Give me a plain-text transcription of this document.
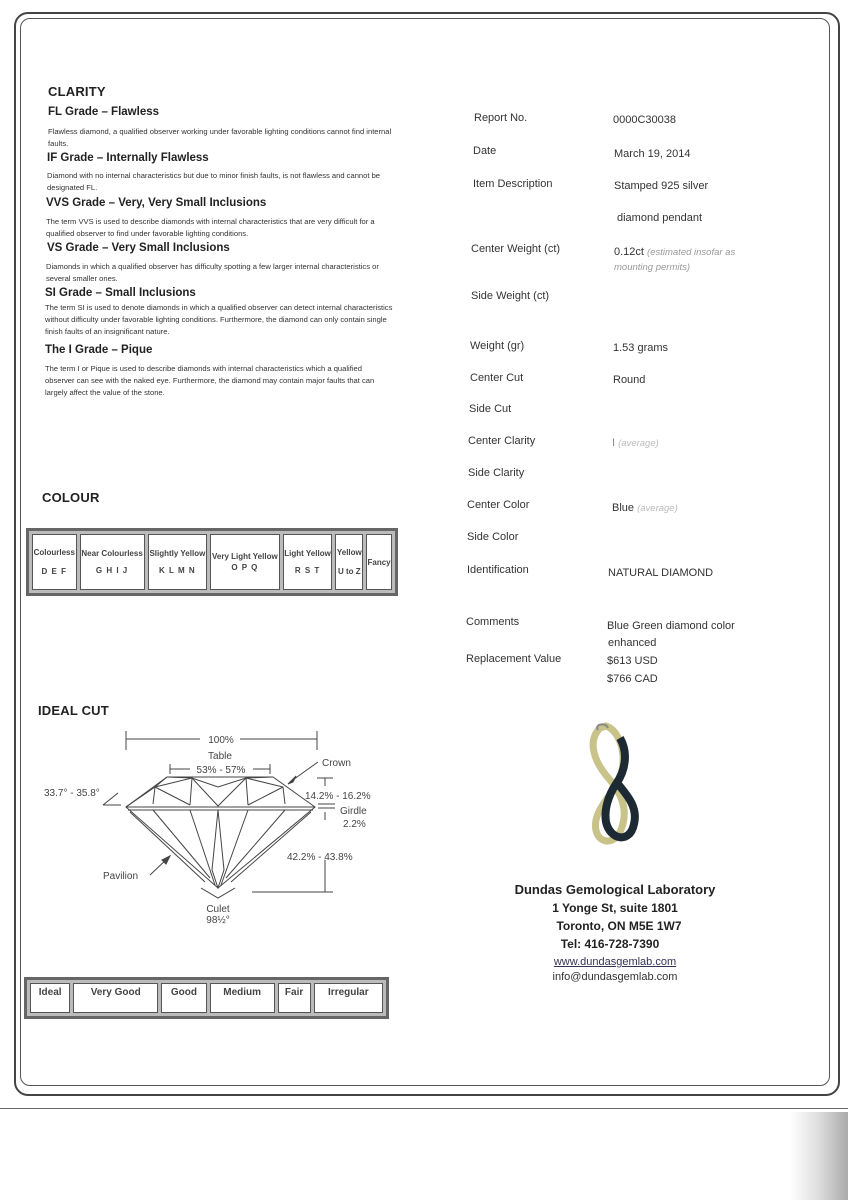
CLARITY
FL Grade – Flawless
Flawless diamond, a qualified observer working under favorable lighting conditions cannot find internal faults.
IF Grade – Internally Flawless
Diamond with no internal characteristics but due to minor finish faults, is not flawless and cannot be designated FL.
VVS Grade – Very, Very Small Inclusions
The term VVS is used to describe diamonds with internal characteristics that are very difficult for a qualified observer to find under favorable lighting conditions.
VS Grade – Very Small Inclusions
Diamonds in which a qualified observer has difficulty spotting a few larger internal characteristics or several smaller ones.
SI Grade – Small Inclusions
The term SI is used to denote diamonds in which a qualified observer can detect internal characteristics without difficulty under favorable lighting conditions. Furthermore, the diamond can only contain single finish faults of an insignificant nature.
The I Grade – Pique
The term I or Pique is used to describe diamonds with internal characteristics which a qualified observer can see with the naked eye. Furthermore, the diamond may contain major faults that can largely affect the value of the stone.
COLOUR
Colourless
D E F

Near Colourless
G H I J

Slightly Yellow
K L M N

Very Light Yellow
O P Q

Light Yellow
R S T

Yellow
U to Z

Fancy
IDEAL CUT
100%
Table
53% - 57%
Crown
33.7° - 35.8°	14.2% - 16.2%
Girdle
2.2%
42.2% - 43.8%
Pavilion
Culet
98½°
Ideal	Very Good	Good	Medium	Fair	Irregular
Report No.	0000C30038
Date	March 19, 2014
Item Description	Stamped 925 silver
diamond pendant
Center Weight (ct)	0.12ct (estimated insofar as mounting permits)
Side Weight (ct)
Weight (gr)	1.53 grams
Center Cut	Round
Side Cut
Center Clarity	I (average)
Side Clarity
Center Color	Blue (average)
Side Color
Identification	NATURAL DIAMOND
Comments	Blue Green diamond color
enhanced
Replacement Value	$613 USD
$766 CAD
Dundas Gemological Laboratory
1 Yonge St, suite 1801
Toronto, ON M5E 1W7
Tel: 416-728-7390
www.dundasgemlab.com
info@dundasgemlab.com
